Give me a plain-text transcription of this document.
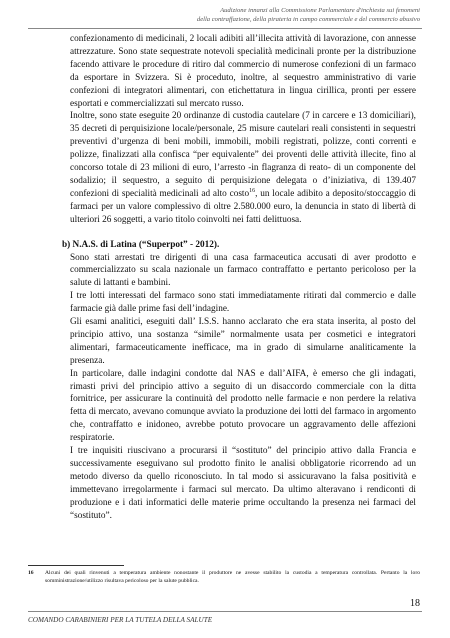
Audizione innanzi alla Commissione Parlamentare d'inchiesta sui fenomeni
della contraffazione, della pirateria in campo commerciale e del commercio abusivo

confezionamento di medicinali, 2 locali adibiti all’illecita attività di lavorazione, con annesse attrezzature. Sono state sequestrate notevoli specialità medicinali pronte per la distribuzione facendo attivare le procedure di ritiro dal commercio di numerose confezioni di un farmaco da esportare in Svizzera. Si è proceduto, inoltre, al sequestro amministrativo di varie confezioni di integratori alimentari, con etichettatura in lingua cirillica, pronti per essere esportati e commercializzati sul mercato russo.

Inoltre, sono state eseguite 20 ordinanze di custodia cautelare (7 in carcere e 13 domiciliari), 35 decreti di perquisizione locale/personale, 25 misure cautelari reali consistenti in sequestri preventivi d’urgenza di beni mobili, immobili, mobili registrati, polizze, conti correnti e polizze, finalizzati alla confisca “per equivalente” dei proventi delle attività illecite, fino al concorso totale di 23 milioni di euro, l’arresto -in flagranza di reato- di un componente del sodalizio; il sequestro, a seguito di perquisizione delegata o d’iniziativa, di 139.407 confezioni di specialità medicinali ad alto costo$^{16}$, un locale adibito a deposito/stoccaggio di farmaci per un valore complessivo di oltre 2.580.000 euro, la denuncia in stato di libertà di ulteriori 26 soggetti, a vario titolo coinvolti nei fatti delittuosa.

b) N.A.S. di Latina (“Superpot” - 2012).

Sono stati arrestati tre dirigenti di una casa farmaceutica accusati di aver prodotto e commercializzato su scala nazionale un farmaco contraffatto e pertanto pericoloso per la salute di lattanti e bambini.

I tre lotti interessati del farmaco sono stati immediatamente ritirati dal commercio e dalle farmacie già dalle prime fasi dell’indagine.

Gli esami analitici, eseguiti dall’ I.S.S. hanno acclarato che era stata inserita, al posto del principio attivo, una sostanza “simile” normalmente usata per cosmetici e integratori alimentari, farmaceuticamente inefficace, ma in grado di simularne analiticamente la presenza.

In particolare, dalle indagini condotte dal NAS e dall’AIFA, è emerso che gli indagati, rimasti privi del principio attivo a seguito di un disaccordo commerciale con la ditta fornitrice, per assicurare la continuità del prodotto nelle farmacie e non perdere la relativa fetta di mercato, avevano comunque avviato la produzione dei lotti del farmaco in argomento che, contraffatto e inidoneo, avrebbe potuto provocare un aggravamento delle affezioni respiratorie.

I tre inquisiti riuscivano a procurarsi il “sostituto” del principio attivo dalla Francia e successivamente eseguivano sul prodotto finito le analisi obbligatorie ricorrendo ad un metodo diverso da quello riconosciuto. In tal modo si assicuravano la falsa positività e immettevano irregolarmente i farmaci sul mercato. Da ultimo alteravano i rendiconti di produzione e i dati informatici delle materie prime occultando la presenza nei farmaci del “sostituto”.

16	Alcuni dei quali rinvenuti a temperatura ambiente nonostante il produttore ne avesse stabilito la custodia a temperatura controllata. Pertanto la loro somministrazione/utilizzo risultava pericoloso per la salute pubblica.
18
COMANDO CARABINIERI PER LA TUTELA DELLA SALUTE
